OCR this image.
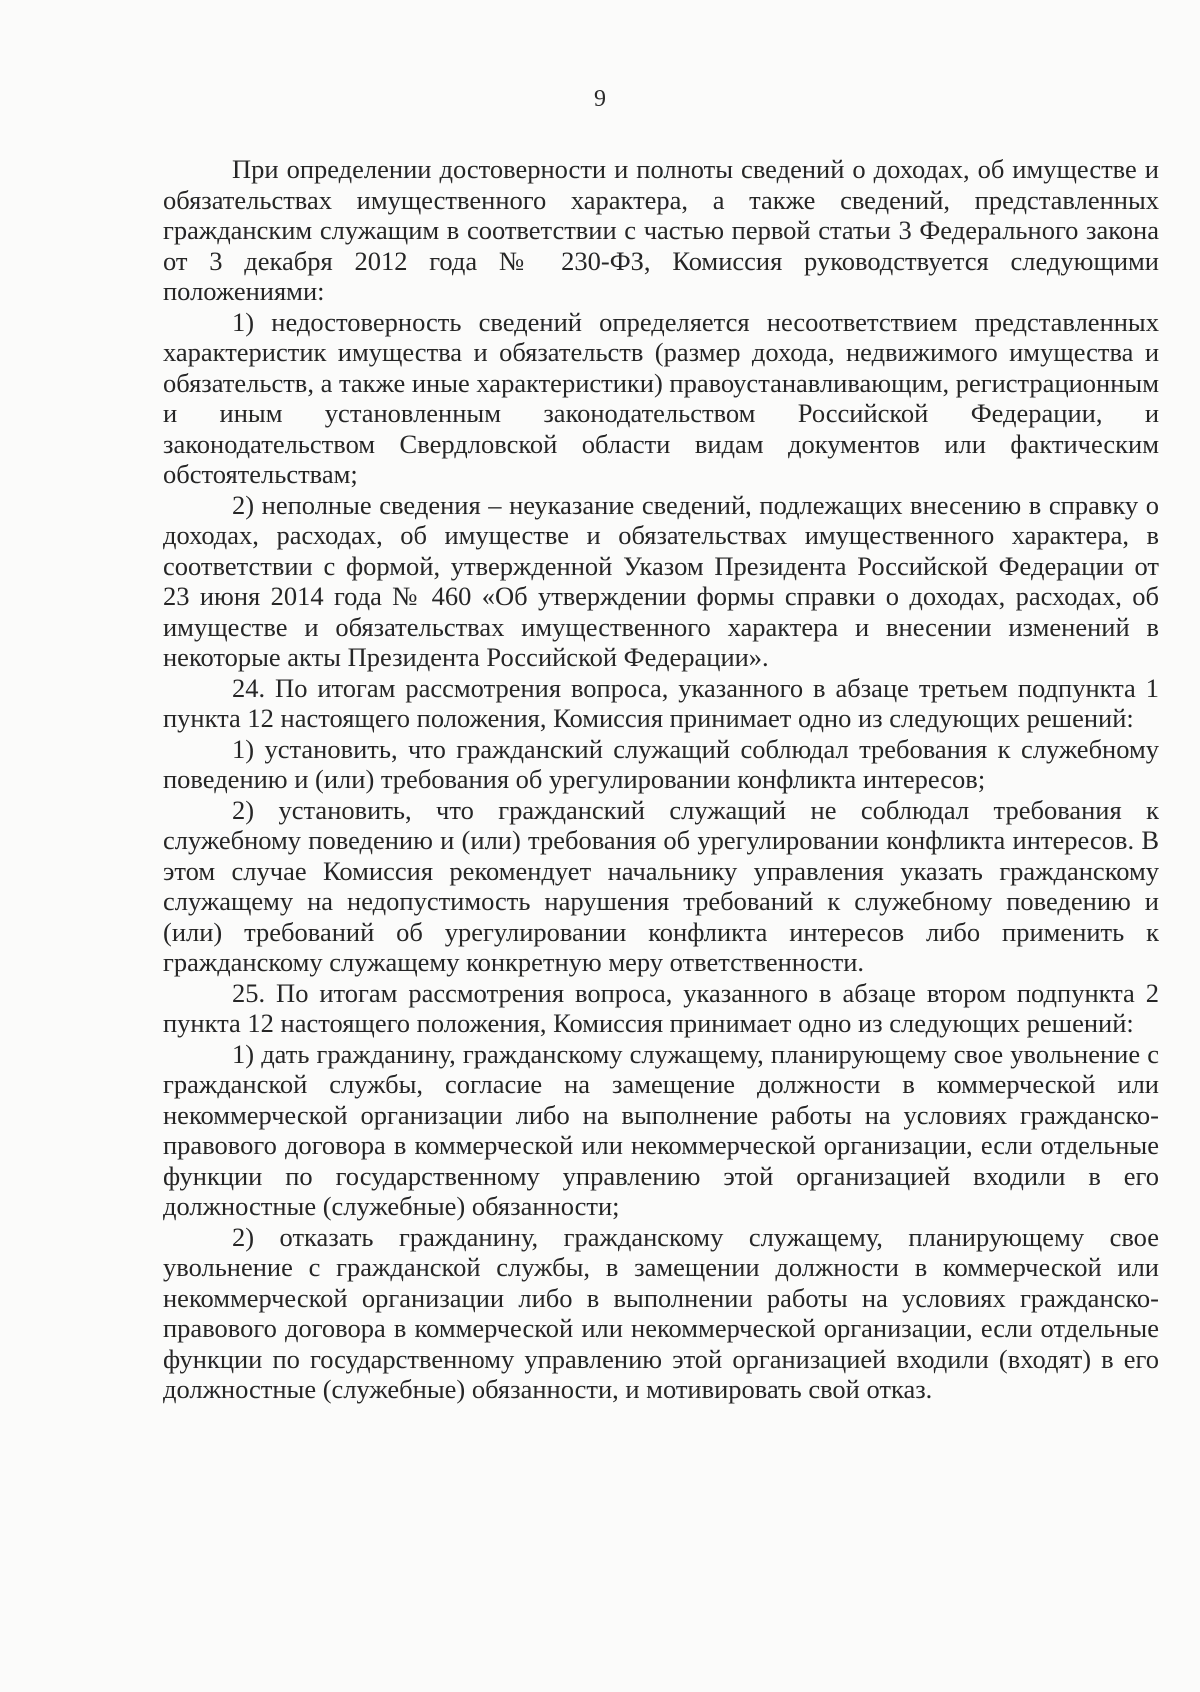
9

При определении достоверности и полноты сведений о доходах, об имуществе и обязательствах имущественного характера, а также сведений, представленных гражданским служащим в соответствии с частью первой статьи 3 Федерального закона от 3 декабря 2012 года № 230-ФЗ, Комиссия руководствуется следующими положениями:

1) недостоверность сведений определяется несоответствием представленных характеристик имущества и обязательств (размер дохода, недвижимого имущества и обязательств, а также иные характеристики) правоустанавливающим, регистрационным и иным установленным законодательством Российской Федерации, и законодательством Свердловской области видам документов или фактическим обстоятельствам;

2) неполные сведения – неуказание сведений, подлежащих внесению в справку о доходах, расходах, об имуществе и обязательствах имущественного характера, в соответствии с формой, утвержденной Указом Президента Российской Федерации от 23 июня 2014 года № 460 «Об утверждении формы справки о доходах, расходах, об имуществе и обязательствах имущественного характера и внесении изменений в некоторые акты Президента Российской Федерации».

24. По итогам рассмотрения вопроса, указанного в абзаце третьем подпункта 1 пункта 12 настоящего положения, Комиссия принимает одно из следующих решений:

1) установить, что гражданский служащий соблюдал требования к служебному поведению и (или) требования об урегулировании конфликта интересов;

2) установить, что гражданский служащий не соблюдал требования к служебному поведению и (или) требования об урегулировании конфликта интересов. В этом случае Комиссия рекомендует начальнику управления указать гражданскому служащему на недопустимость нарушения требований к служебному поведению и (или) требований об урегулировании конфликта интересов либо применить к гражданскому служащему конкретную меру ответственности.

25. По итогам рассмотрения вопроса, указанного в абзаце втором подпункта 2 пункта 12 настоящего положения, Комиссия принимает одно из следующих решений:

1) дать гражданину, гражданскому служащему, планирующему свое увольнение с гражданской службы, согласие на замещение должности в коммерческой или некоммерческой организации либо на выполнение работы на условиях гражданско-правового договора в коммерческой или некоммерческой организации, если отдельные функции по государственному управлению этой организацией входили в его должностные (служебные) обязанности;

2) отказать гражданину, гражданскому служащему, планирующему свое увольнение с гражданской службы, в замещении должности в коммерческой или некоммерческой организации либо в выполнении работы на условиях гражданско-правового договора в коммерческой или некоммерческой организации, если отдельные функции по государственному управлению этой организацией входили (входят) в его должностные (служебные) обязанности, и мотивировать свой отказ.
